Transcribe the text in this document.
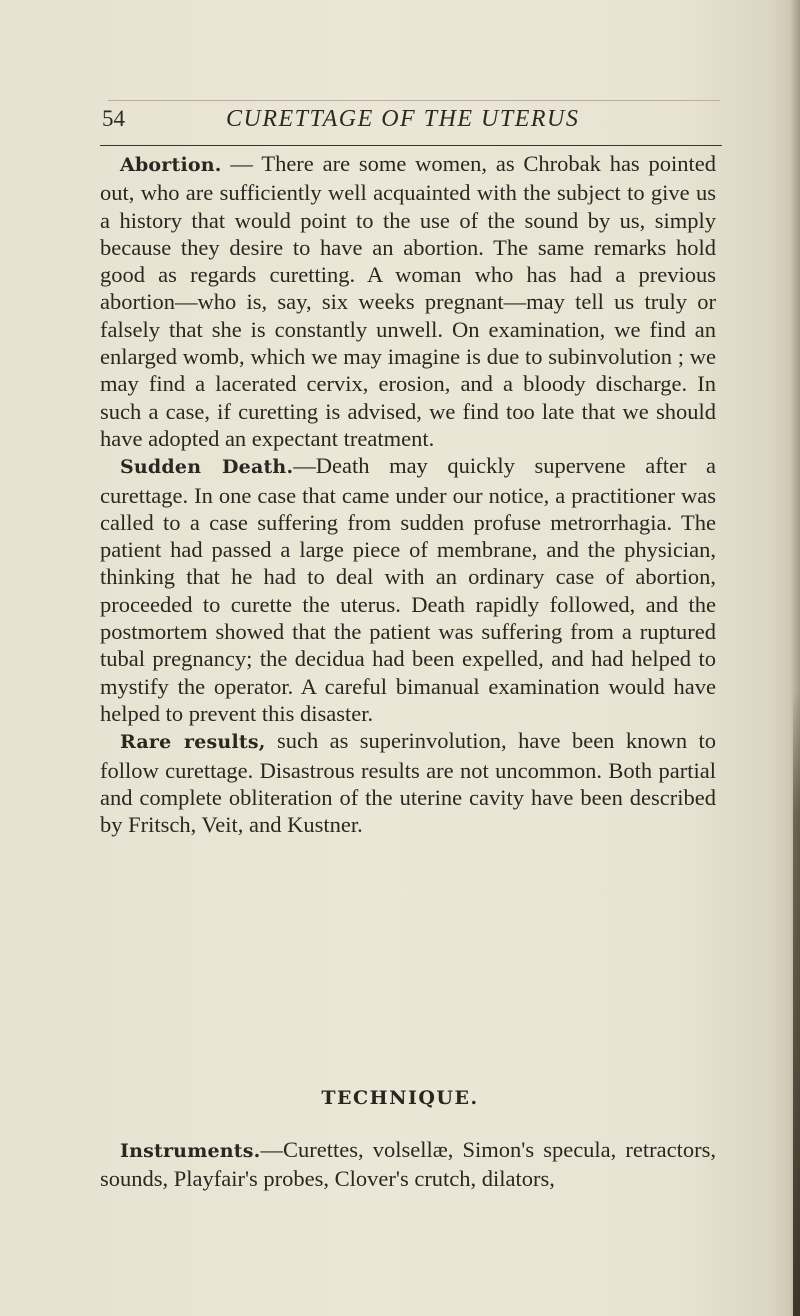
54	CURETTAGE OF THE UTERUS

Abortion. — There are some women, as Chrobak has pointed out, who are sufficiently well acquainted with the subject to give us a history that would point to the use of the sound by us, simply because they desire to have an abortion. The same remarks hold good as regards curetting. A woman who has had a previous abortion—who is, say, six weeks pregnant—may tell us truly or falsely that she is constantly unwell. On examination, we find an enlarged womb, which we may imagine is due to subinvolution ; we may find a lacerated cervix, erosion, and a bloody discharge. In such a case, if curetting is advised, we find too late that we should have adopted an expectant treatment.

Sudden Death.—Death may quickly supervene after a curettage. In one case that came under our notice, a practitioner was called to a case suffering from sudden profuse metrorrhagia. The patient had passed a large piece of membrane, and the physician, thinking that he had to deal with an ordinary case of abortion, proceeded to curette the uterus. Death rapidly followed, and the postmortem showed that the patient was suffering from a ruptured tubal pregnancy; the decidua had been expelled, and had helped to mystify the operator. A careful bimanual examination would have helped to prevent this disaster.

Rare results, such as superinvolution, have been known to follow curettage. Disastrous results are not uncommon. Both partial and complete obliteration of the uterine cavity have been described by Fritsch, Veit, and Kustner.

TECHNIQUE.

Instruments.—Curettes, volsellæ, Simon's specula, retractors, sounds, Playfair's probes, Clover's crutch, dilators,
